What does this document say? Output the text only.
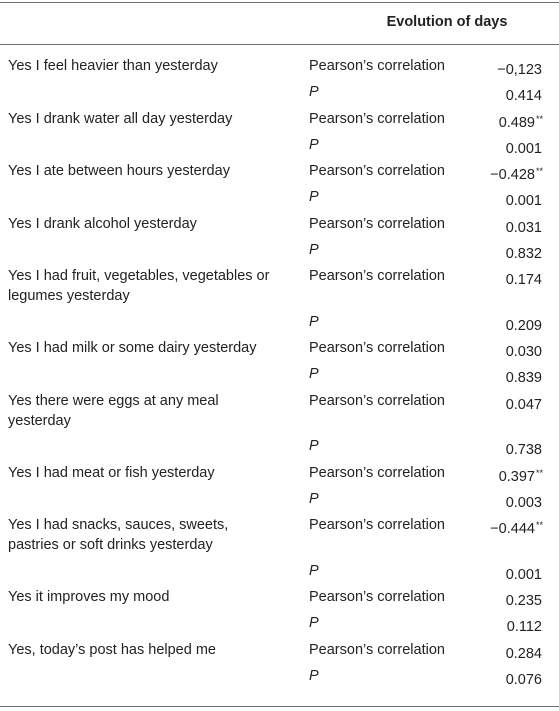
Evolution of days
Yes I feel heavier than yesterday	Pearson’s correlation	−0,123
P	0.414
Yes I drank water all day yesterday	Pearson’s correlation	0.489**
P	0.001
Yes I ate between hours yesterday	Pearson’s correlation	−0.428**
P	0.001
Yes I drank alcohol yesterday	Pearson’s correlation	0.031
P	0.832
Yes I had fruit, vegetables, vegetables or legumes yesterday
Pearson’s correlation	0.174
P	0.209
Yes I had milk or some dairy yesterday	Pearson’s correlation	0.030
P	0.839
Yes there were eggs at any meal yesterday
Pearson’s correlation	0.047
P	0.738
Yes I had meat or fish yesterday	Pearson’s correlation	0.397**
P	0.003
Yes I had snacks, sauces, sweets, pastries or soft drinks yesterday
Pearson’s correlation	−0.444**
P	0.001
Yes it improves my mood	Pearson’s correlation	0.235
P	0.112
Yes, today’s post has helped me	Pearson’s correlation	0.284
P	0.076
